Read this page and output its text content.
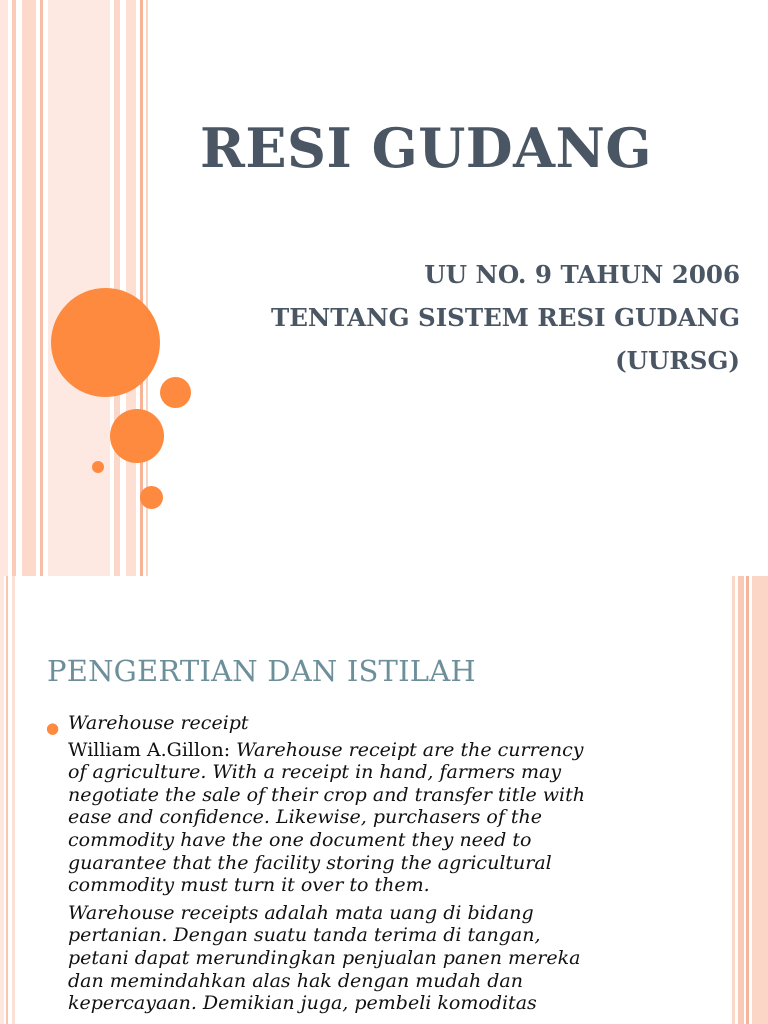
RESI GUDANG
UU NO. 9 TAHUN 2006
TENTANG SISTEM RESI GUDANG
(UURSG)
PENGERTIAN DAN ISTILAH
● Warehouse receipt
William A.Gillon: Warehouse receipt are the currency
of agriculture. With a receipt in hand, farmers may
negotiate the sale of their crop and transfer title with
ease and confidence. Likewise, purchasers of the
commodity have the one document they need to
guarantee that the facility storing the agricultural
commodity must turn it over to them.
Warehouse receipts adalah mata uang di bidang
pertanian. Dengan suatu tanda terima di tangan,
petani dapat merundingkan penjualan panen mereka
dan memindahkan alas hak dengan mudah dan
kepercayaan. Demikian juga, pembeli komoditas
